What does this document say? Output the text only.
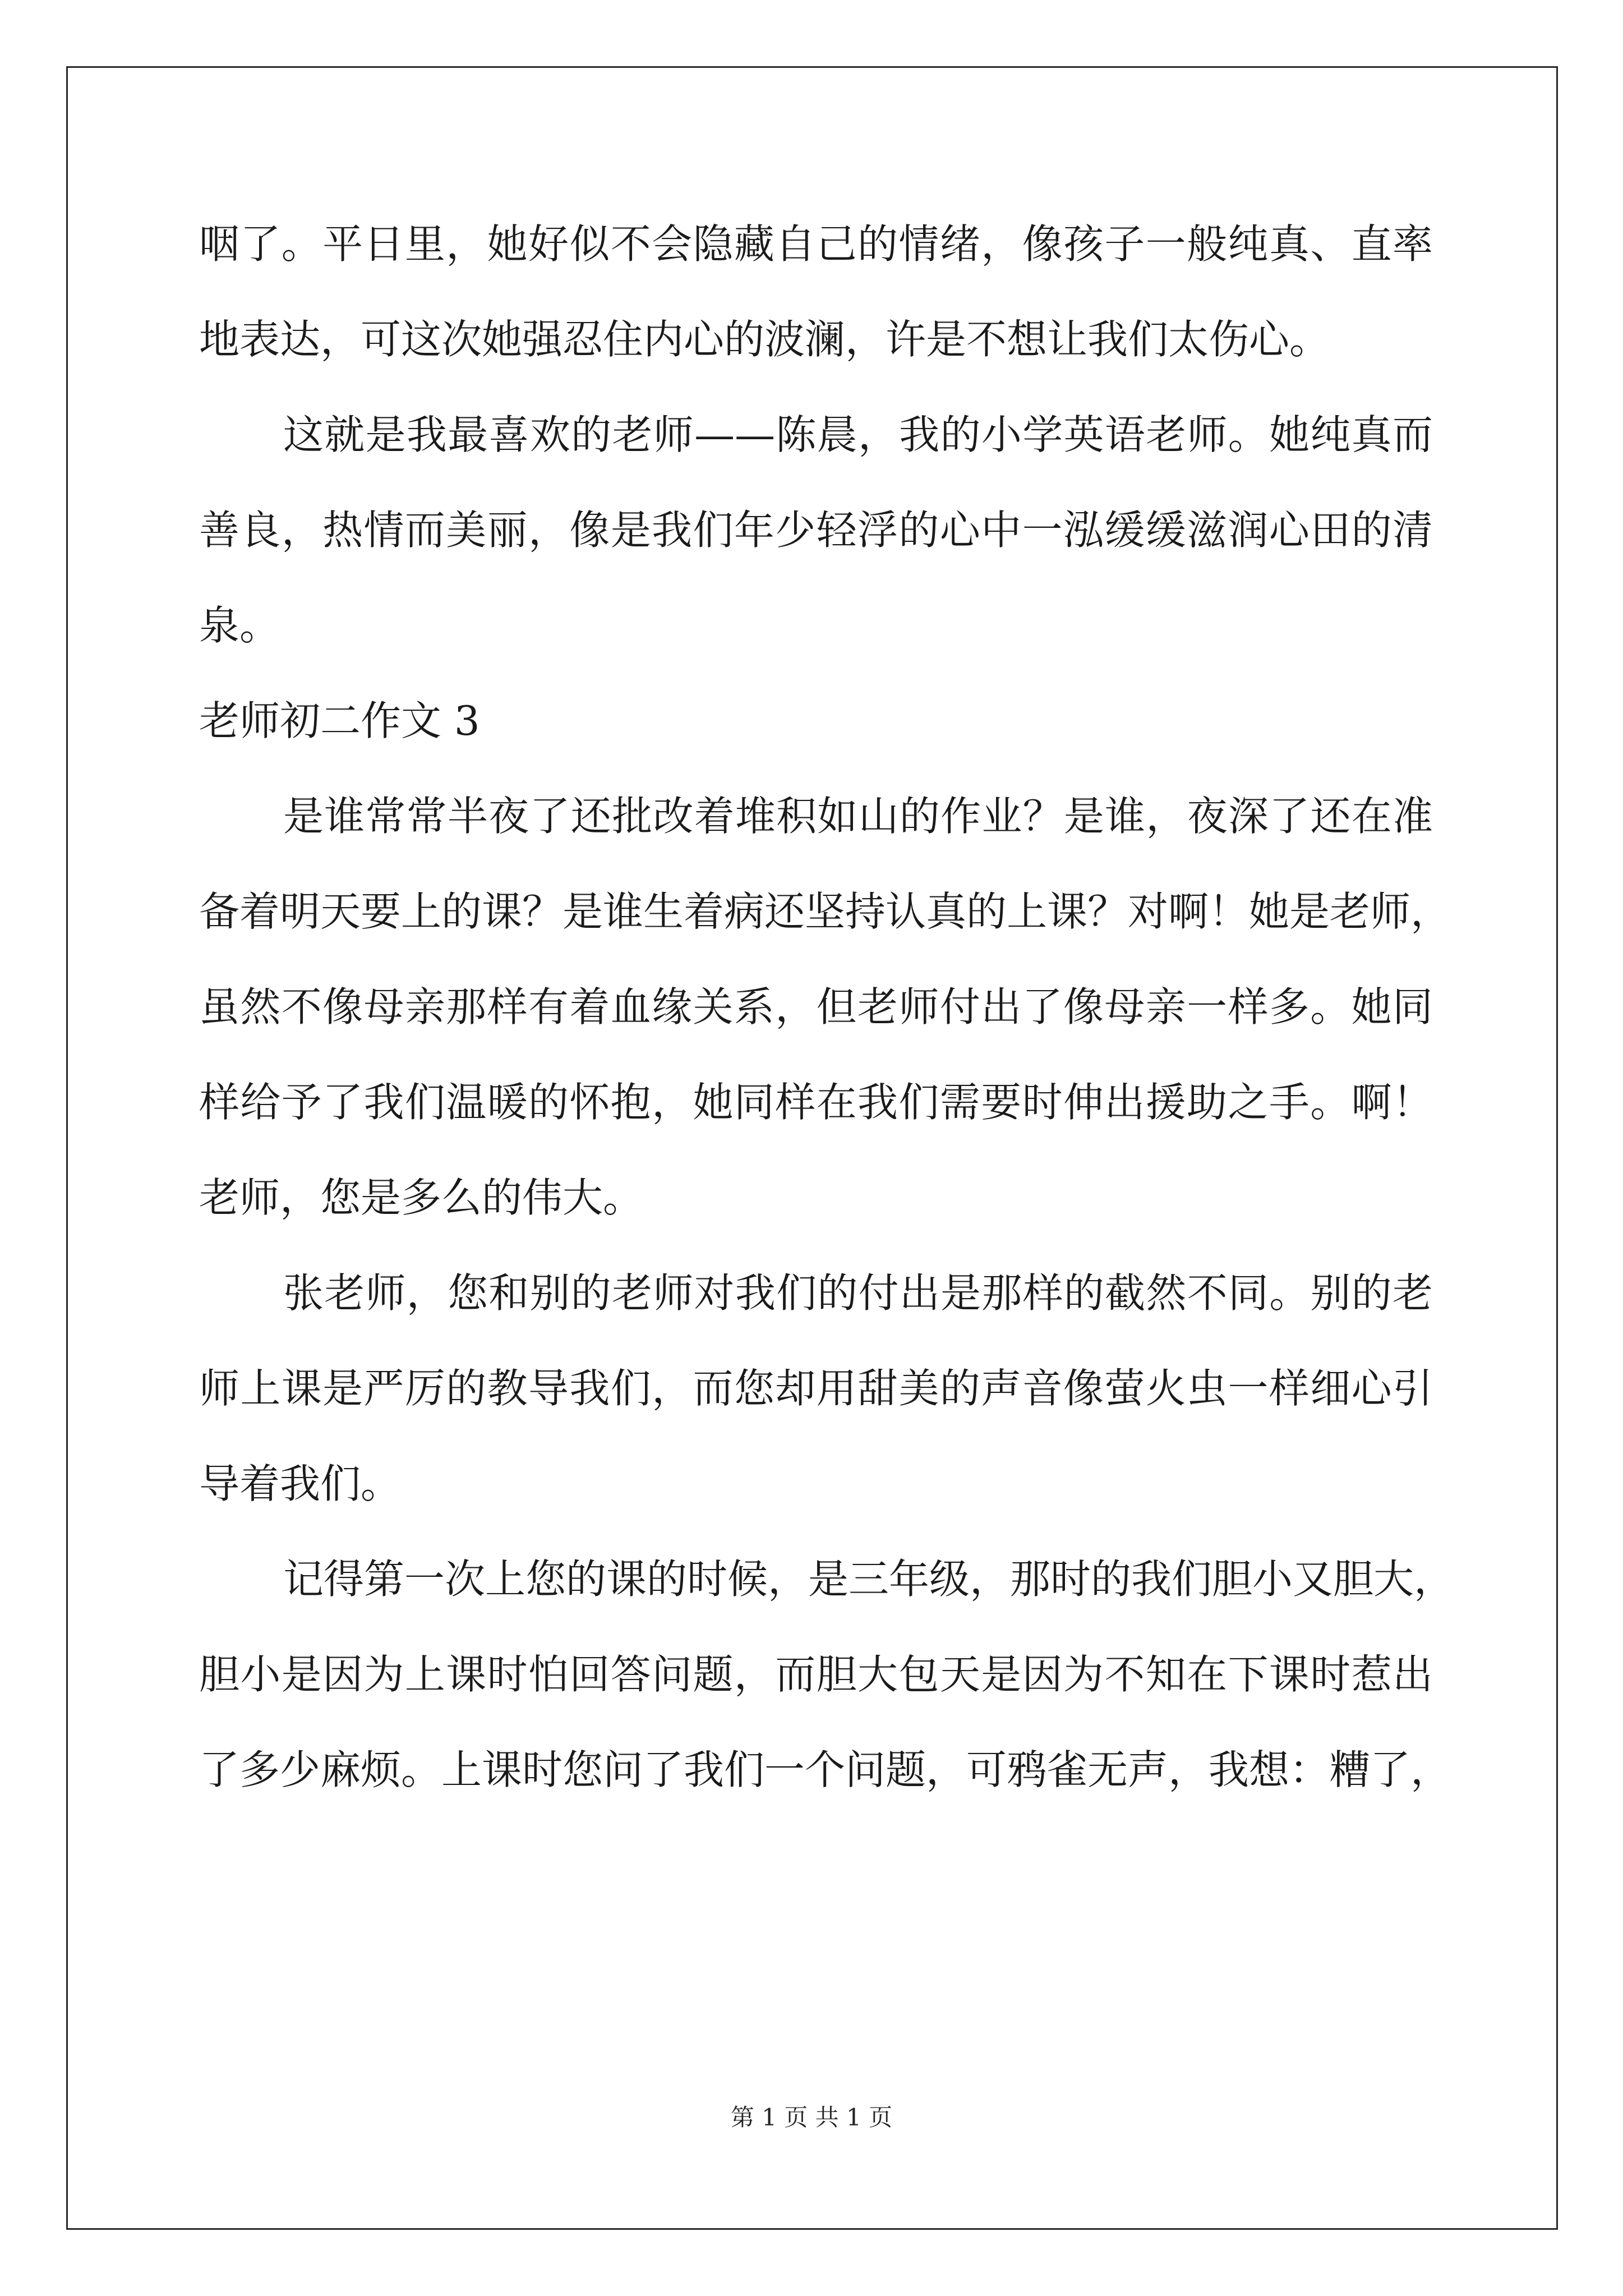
咽了。平日里，她好似不会隐藏自己的情绪，像孩子一般纯真、直率
地表达，可这次她强忍住内心的波澜，许是不想让我们太伤心。
这就是我最喜欢的老师——陈晨，我的小学英语老师。她纯真而
善良，热情而美丽，像是我们年少轻浮的心中一泓缓缓滋润心田的清
泉。
老师初二作文 3
是谁常常半夜了还批改着堆积如山的作业？是谁，夜深了还在准
备着明天要上的课？是谁生着病还坚持认真的上课？对啊！她是老师，
虽然不像母亲那样有着血缘关系，但老师付出了像母亲一样多。她同
样给予了我们温暖的怀抱，她同样在我们需要时伸出援助之手。啊！
老师，您是多么的伟大。
张老师，您和别的老师对我们的付出是那样的截然不同。别的老
师上课是严厉的教导我们，而您却用甜美的声音像萤火虫一样细心引
导着我们。
记得第一次上您的课的时候，是三年级，那时的我们胆小又胆大，
胆小是因为上课时怕回答问题，而胆大包天是因为不知在下课时惹出
了多少麻烦。上课时您问了我们一个问题，可鸦雀无声，我想：糟了，
第 1 页 共 1 页
